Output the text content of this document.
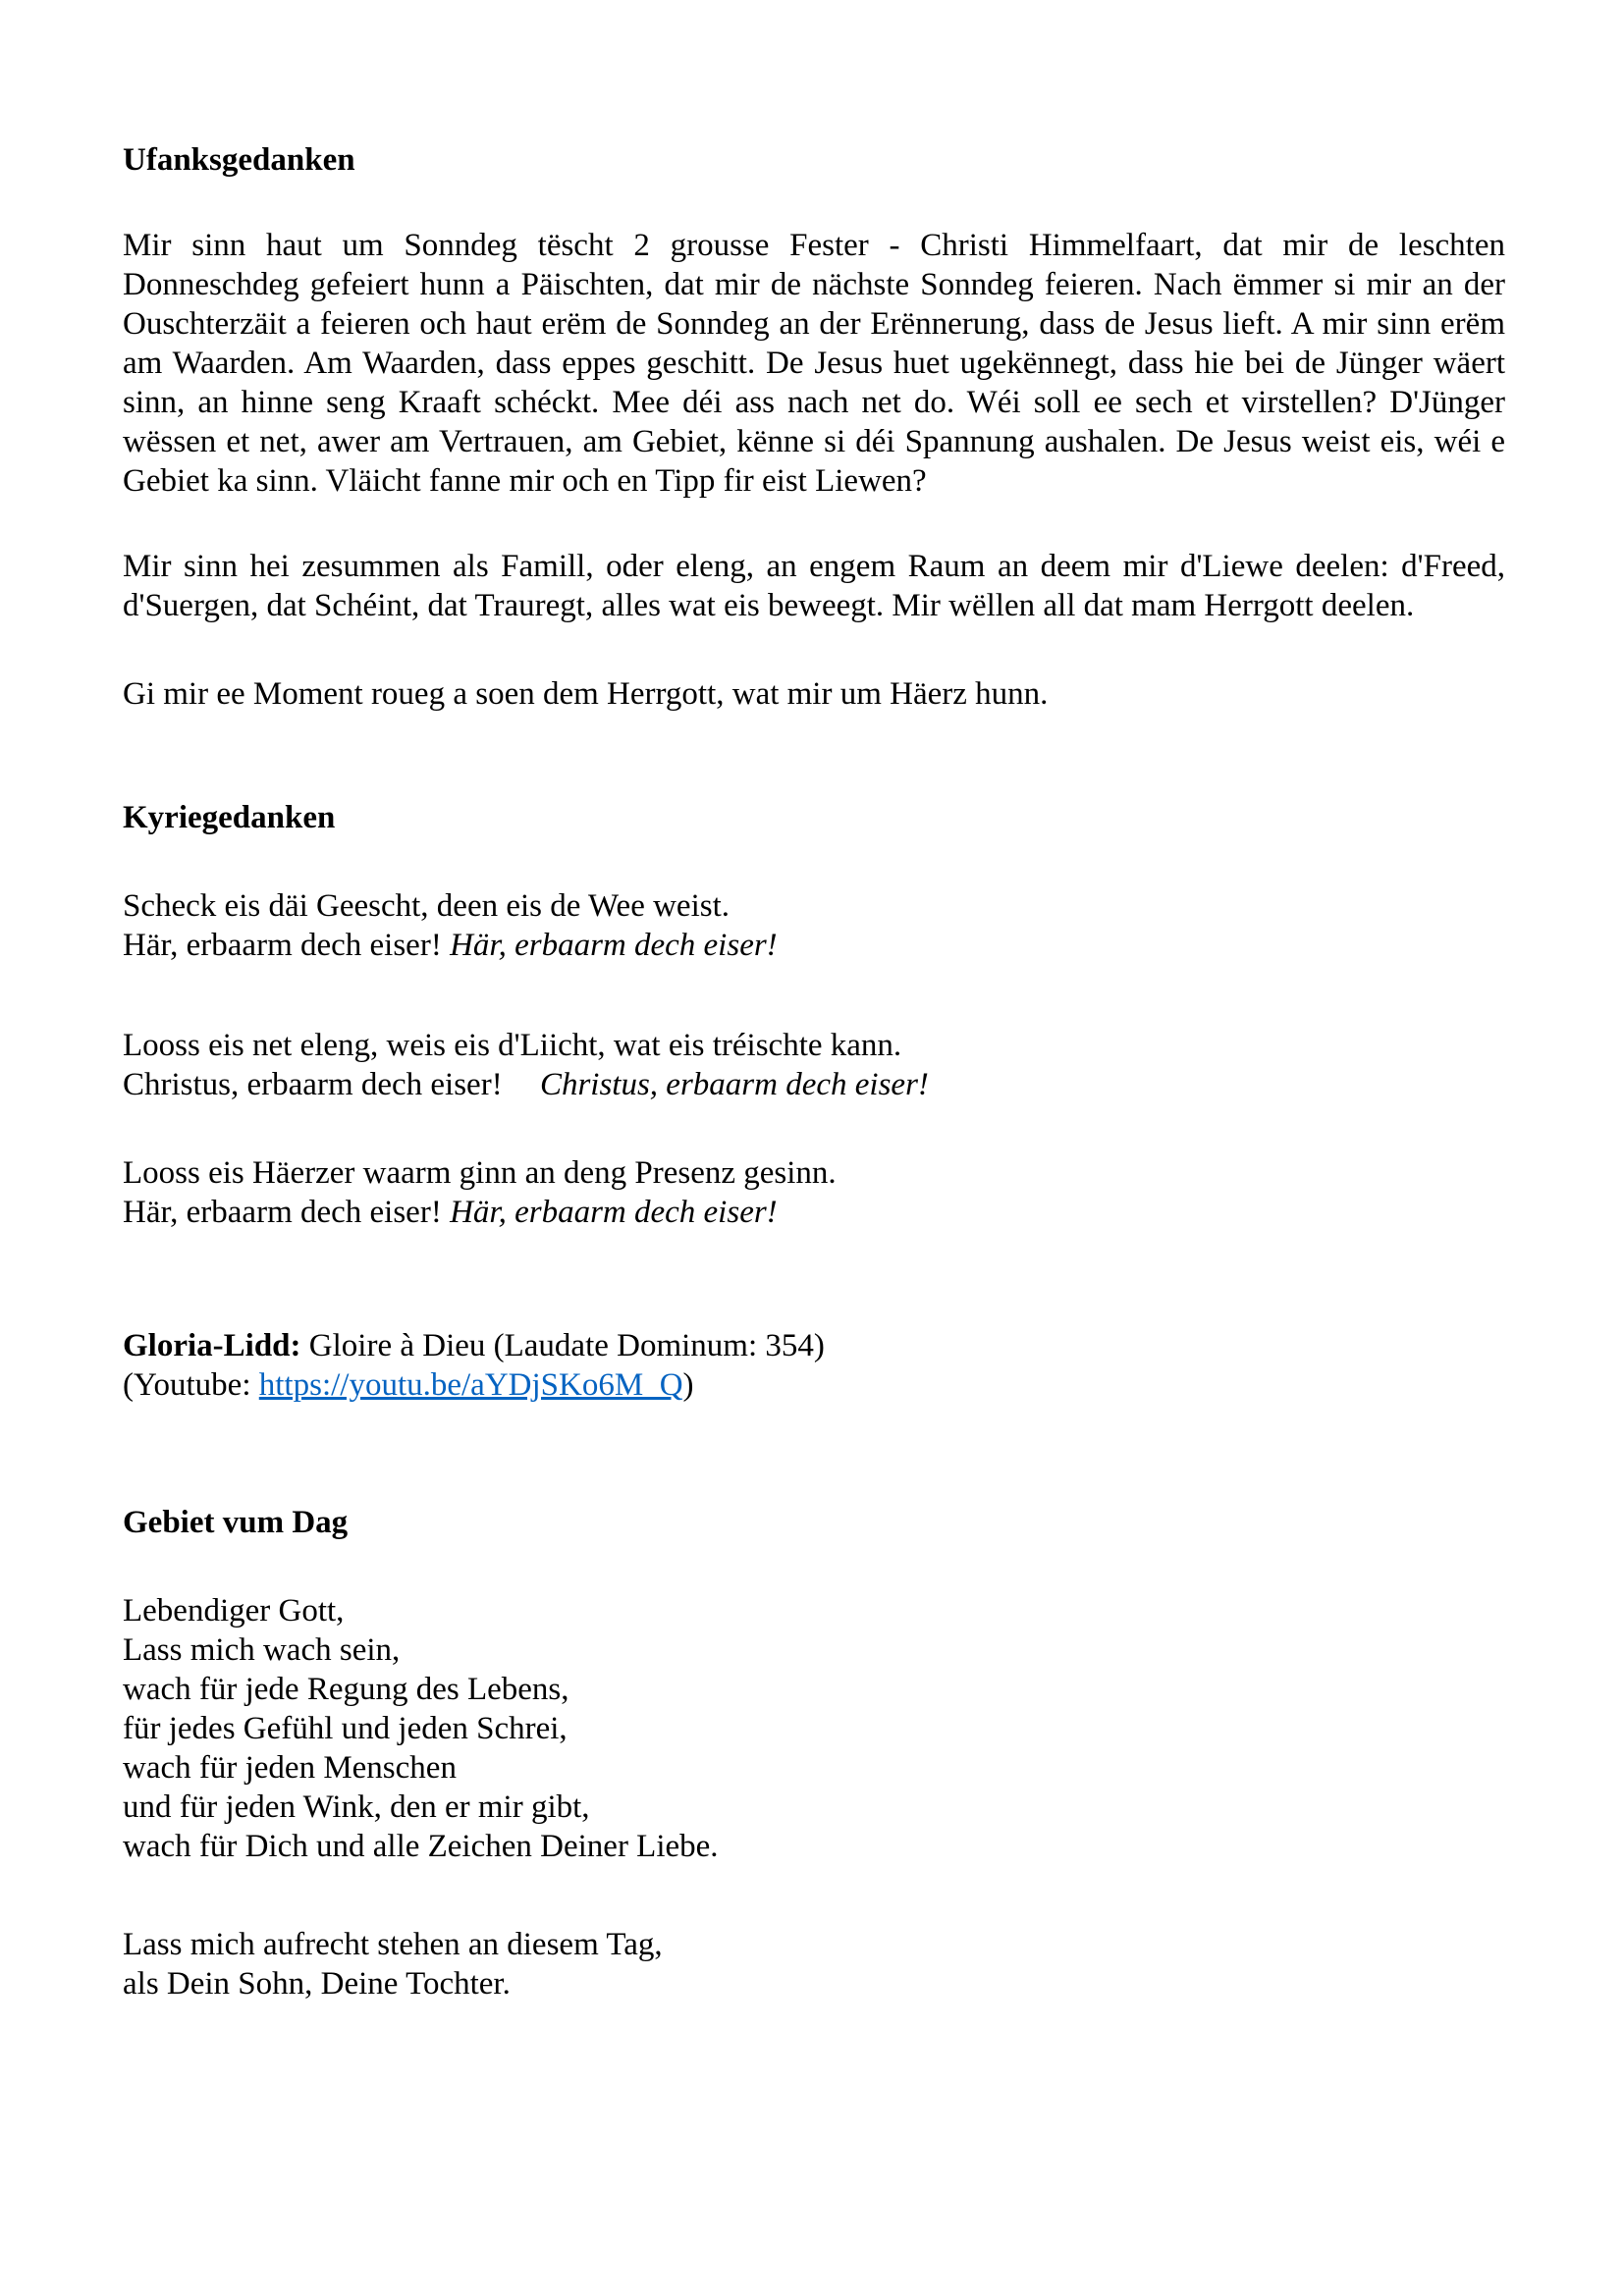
Ufanksgedanken

Mir sinn haut um Sonndeg tëscht 2 grousse Fester - Christi Himmelfaart, dat mir de leschten Donneschdeg gefeiert hunn a Päischten, dat mir de nächste Sonndeg feieren. Nach ëmmer si mir an der Ouschterzäit a feieren och haut erëm de Sonndeg an der Erënnerung, dass de Jesus lieft. A mir sinn erëm am Waarden. Am Waarden, dass eppes geschitt. De Jesus huet ugekënnegt, dass hie bei de Jünger wäert sinn, an hinne seng Kraaft schéckt. Mee déi ass nach net do. Wéi soll ee sech et virstellen? D'Jünger wëssen et net, awer am Vertrauen, am Gebiet, kënne si déi Spannung aushalen. De Jesus weist eis, wéi e Gebiet ka sinn. Vläicht fanne mir och en Tipp fir eist Liewen?

Mir sinn hei zesummen als Famill, oder eleng, an engem Raum an deem mir d'Liewe deelen: d'Freed, d'Suergen, dat Schéint, dat Trauregt, alles wat eis beweegt. Mir wëllen all dat mam Herrgott deelen.

Gi mir ee Moment roueg a soen dem Herrgott, wat mir um Häerz hunn.

Kyriegedanken

Scheck eis däi Geescht, deen eis de Wee weist.
Här, erbaarm dech eiser! Här, erbaarm dech eiser!
Looss eis net eleng, weis eis d'Liicht, wat eis tréischte kann.
Christus, erbaarm dech eiser! Christus, erbaarm dech eiser!
Looss eis Häerzer waarm ginn an deng Presenz gesinn.
Här, erbaarm dech eiser! Här, erbaarm dech eiser!
Gloria-Lidd: Gloire à Dieu (Laudate Dominum: 354)
(Youtube: https://youtu.be/aYDjSKo6M_Q)

Gebiet vum Dag

Lebendiger Gott,
Lass mich wach sein,
wach für jede Regung des Lebens,
für jedes Gefühl und jeden Schrei,
wach für jeden Menschen
und für jeden Wink, den er mir gibt,
wach für Dich und alle Zeichen Deiner Liebe.
Lass mich aufrecht stehen an diesem Tag,
als Dein Sohn, Deine Tochter.
